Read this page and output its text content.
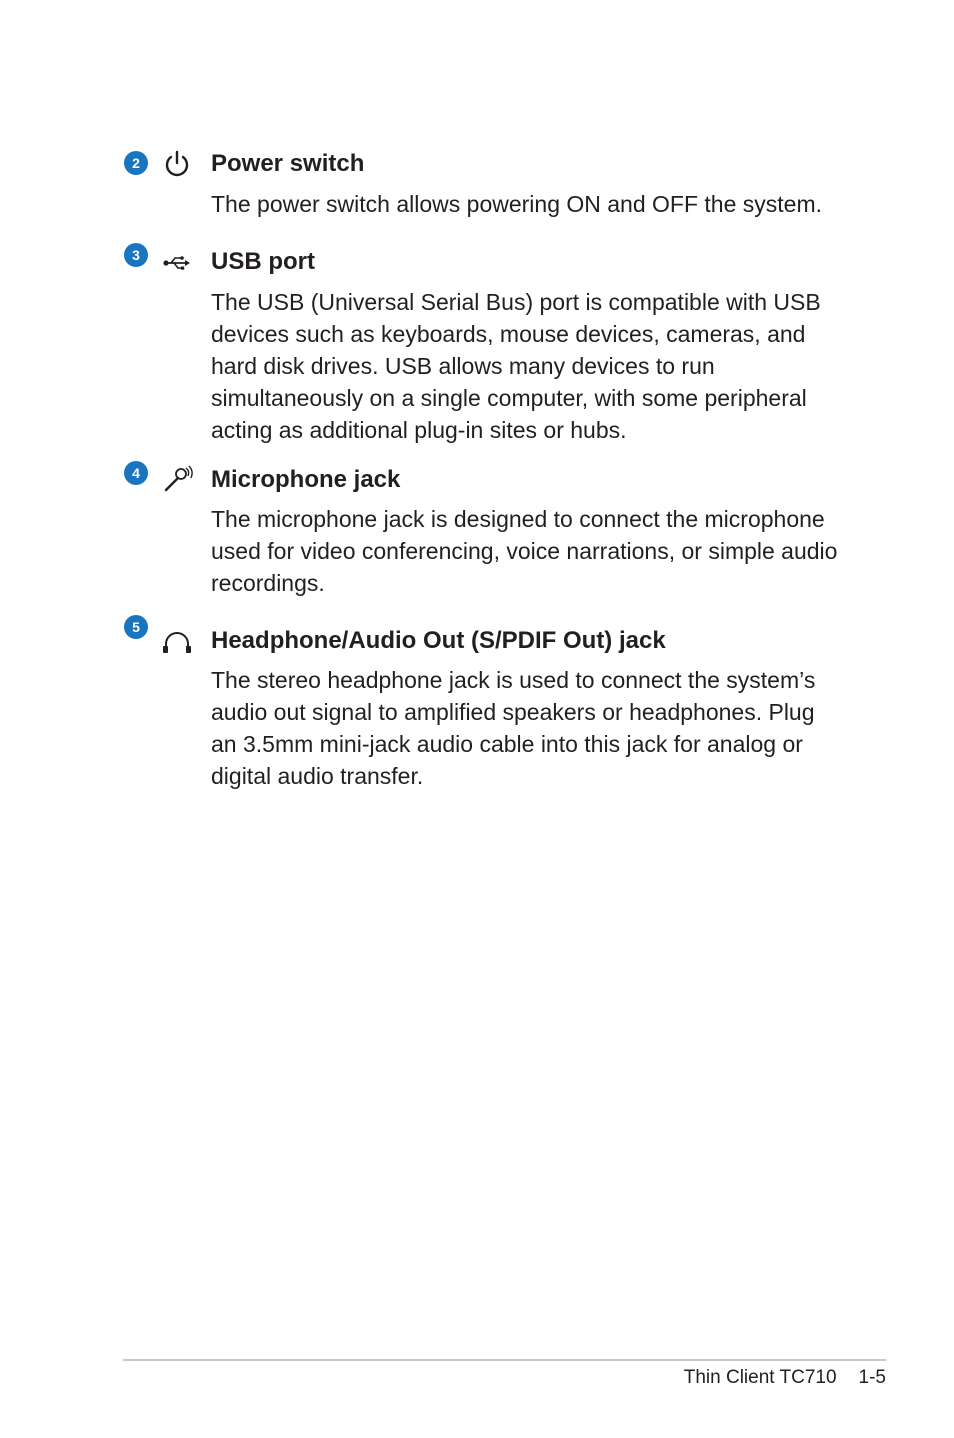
2	Power switch

The power switch allows powering ON and OFF the system.

3	USB port

The USB (Universal Serial Bus) port is compatible with USB devices such as keyboards, mouse devices, cameras, and hard disk drives. USB allows many devices to run simultaneously on a single computer, with some peripheral acting as additional plug-in sites or hubs.

4	Microphone jack

The microphone jack is designed to connect the microphone used for video conferencing, voice narrations, or simple audio recordings.

5	Headphone/Audio Out (S/PDIF Out) jack

The stereo headphone jack is used to connect the system’s audio out signal to amplified speakers or headphones. Plug an 3.5mm mini-jack audio cable into this jack for analog or digital audio transfer.

Thin Client TC710 1-5
